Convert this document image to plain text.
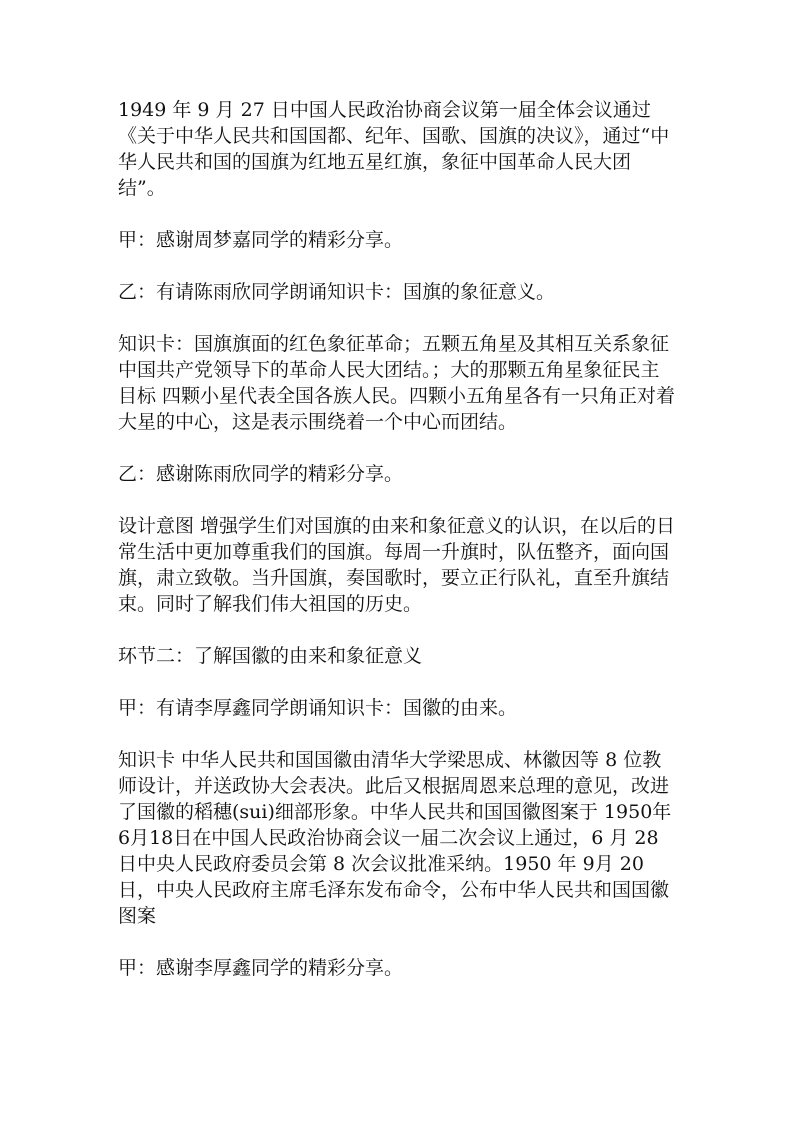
1949 年 9 月 27 日中国人民政治协商会议第一届全体会议通过《关于中华人民共和国国都、纪年、国歌、国旗的决议》，通过“中华人民共和国的国旗为红地五星红旗，象征中国革命人民大团结”。

甲：感谢周梦嘉同学的精彩分享。

乙：有请陈雨欣同学朗诵知识卡：国旗的象征意义。

知识卡：国旗旗面的红色象征革命；五颗五角星及其相互关系象征中国共产党领导下的革命人民大团结。；大的那颗五角星象征民主目标 四颗小星代表全国各族人民。四颗小五角星各有一只角正对着大星的中心，这是表示围绕着一个中心而团结。

乙：感谢陈雨欣同学的精彩分享。

设计意图 增强学生们对国旗的由来和象征意义的认识，在以后的日常生活中更加尊重我们的国旗。每周一升旗时，队伍整齐，面向国旗，肃立致敬。当升国旗，奏国歌时，要立正行队礼，直至升旗结束。同时了解我们伟大祖国的历史。

环节二：了解国徽的由来和象征意义

甲：有请李厚鑫同学朗诵知识卡：国徽的由来。

知识卡 中华人民共和国国徽由清华大学梁思成、林徽因等 8 位教师设计，并送政协大会表决。此后又根据周恩来总理的意见，改进了国徽的稻穗(sui)细部形象。中华人民共和国国徽图案于 1950年6月18日在中国人民政治协商会议一届二次会议上通过，6 月 28 日中央人民政府委员会第 8 次会议批准采纳。1950 年 9月 20 日，中央人民政府主席毛泽东发布命令，公布中华人民共和国国徽图案

甲：感谢李厚鑫同学的精彩分享。
